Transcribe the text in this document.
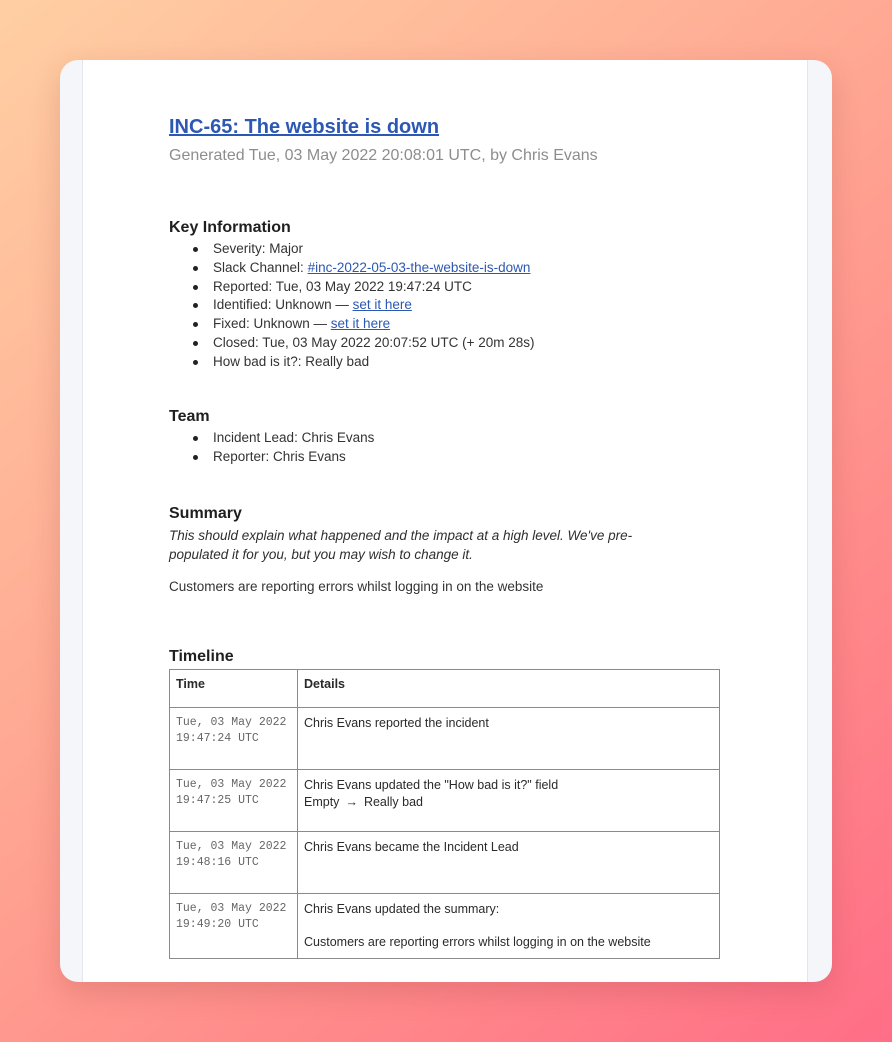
INC-65: The website is down
Generated Tue, 03 May 2022 20:08:01 UTC, by Chris Evans
Key Information
Severity: Major
Slack Channel: #inc-2022-05-03-the-website-is-down
Reported: Tue, 03 May 2022 19:47:24 UTC
Identified: Unknown — set it here
Fixed: Unknown — set it here
Closed: Tue, 03 May 2022 20:07:52 UTC (+ 20m 28s)
How bad is it?: Really bad
Team
Incident Lead: Chris Evans
Reporter: Chris Evans
Summary
This should explain what happened and the impact at a high level. We've pre-populated it for you, but you may wish to change it.
Customers are reporting errors whilst logging in on the website
Timeline
Time	Details
Tue, 03 May 2022 19:47:24 UTC	Chris Evans reported the incident
Tue, 03 May 2022 19:47:25 UTC	Chris Evans updated the "How bad is it?" field
Empty → Really bad

Tue, 03 May 2022 19:48:16 UTC	Chris Evans became the Incident Lead
Tue, 03 May 2022 19:49:20 UTC	Chris Evans updated the summary:
Customers are reporting errors whilst logging in on the website
